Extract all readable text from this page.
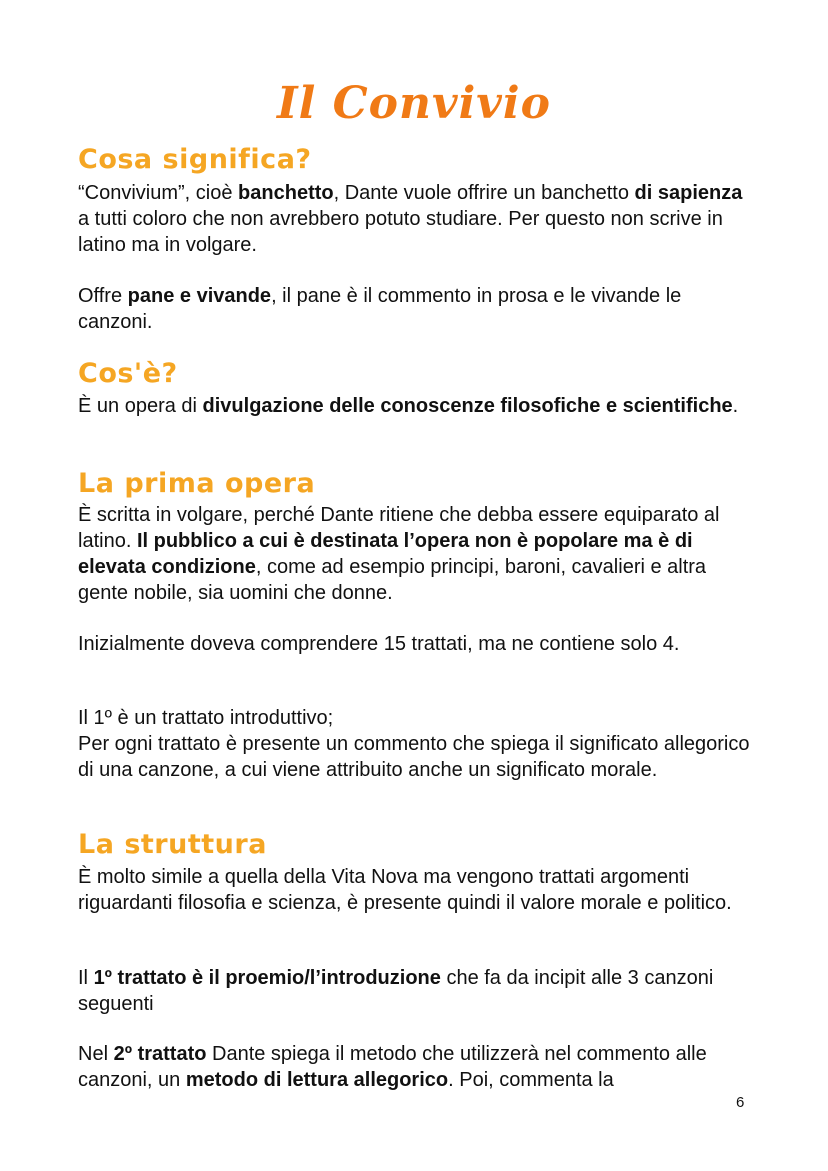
Il Convivio
Cosa significa?

“Convivium”, cioè banchetto, Dante vuole offrire un banchetto di sapienza a tutti coloro che non avrebbero potuto studiare. Per questo non scrive in latino ma in volgare.

Offre pane e vivande, il pane è il commento in prosa e le vivande le canzoni.

Cos'è?

È un opera di divulgazione delle conoscenze filosofiche e scientifiche.

La prima opera

È scritta in volgare, perché Dante ritiene che debba essere equiparato al latino. Il pubblico a cui è destinata l’opera non è popolare ma è di elevata condizione, come ad esempio principi, baroni, cavalieri e altra gente nobile, sia uomini che donne.

Inizialmente doveva comprendere 15 trattati, ma ne contiene solo 4.

Il 1º è un trattato introduttivo;
Per ogni trattato è presente un commento che spiega il significato allegorico di una canzone, a cui viene attribuito anche un significato morale.

La struttura

È molto simile a quella della Vita Nova ma vengono trattati argomenti riguardanti filosofia e scienza, è presente quindi il valore morale e politico.

Il 1º trattato è il proemio/l’introduzione che fa da incipit alle 3 canzoni seguenti

Nel 2º trattato Dante spiega il metodo che utilizzerà nel commento alle canzoni, un metodo di lettura allegorico. Poi, commenta la

6
